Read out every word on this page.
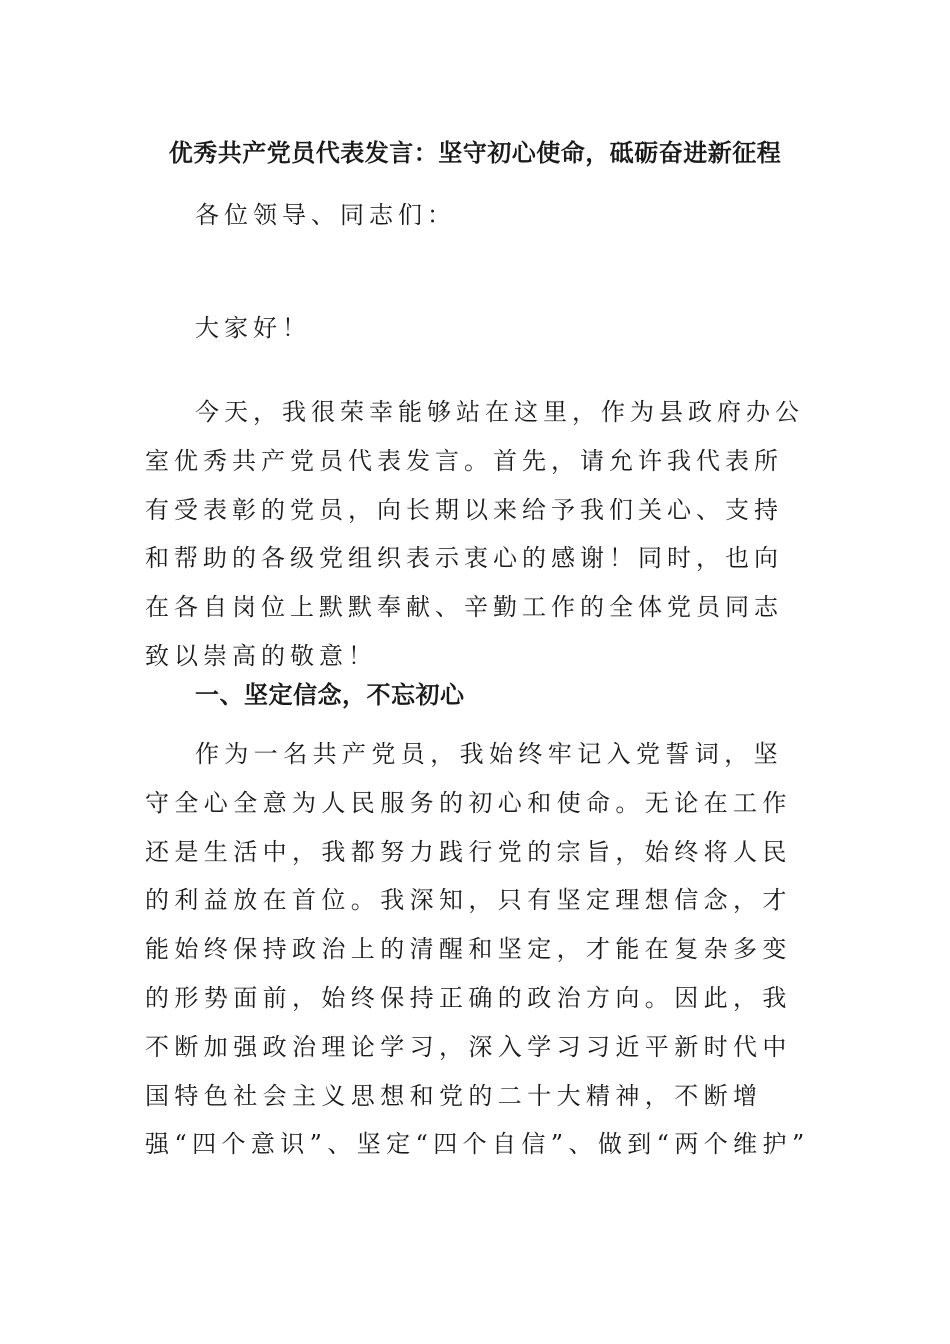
优秀共产党员代表发言：坚守初心使命，砥砺奋进新征程

各位领导、同志们：

大家好！

今天，我很荣幸能够站在这里，作为县政府办公室优秀共产党员代表发言。首先，请允许我代表所有受表彰的党员，向长期以来给予我们关心、支持和帮助的各级党组织表示衷心的感谢！同时，也向在各自岗位上默默奉献、辛勤工作的全体党员同志致以崇高的敬意！

一、坚定信念，不忘初心

作为一名共产党员，我始终牢记入党誓词，坚守全心全意为人民服务的初心和使命。无论在工作还是生活中，我都努力践行党的宗旨，始终将人民的利益放在首位。我深知，只有坚定理想信念，才能始终保持政治上的清醒和坚定，才能在复杂多变的形势面前，始终保持正确的政治方向。因此，我不断加强政治理论学习，深入学习习近平新时代中国特色社会主义思想和党的二十大精神，不断增强“四个意识”、坚定“四个自信”、做到“两个维护”
